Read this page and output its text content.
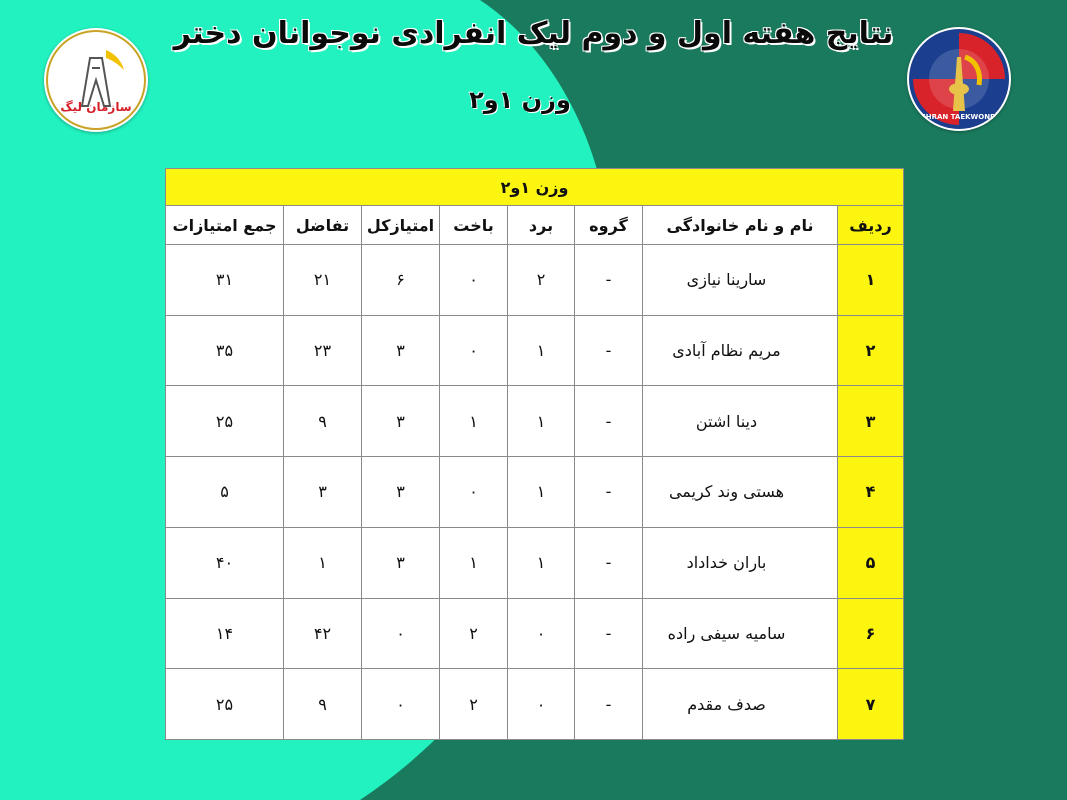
سازمان لیگ
TEHRAN TAEKWONDO
نتایج هفته اول و دوم لیک انفرادی نوجوانان دختر
وزن ۱و۲
وزن ۱و۲							
ردیف	نام و نام خانوادگی	گروه	برد	باخت	امتیازکل	تفاضل	جمع امتیازات
۱	سارینا نیازی	-	۲	۰	۶	۲۱	۳۱
۲	مریم نظام آبادی	-	۱	۰	۳	۲۳	۳۵
۳	دینا اشتن	-	۱	۱	۳	۹	۲۵
۴	هستی وند کریمی	-	۱	۰	۳	۳	۵
۵	باران خداداد	-	۱	۱	۳	۱	۴۰
۶	سامیه سیفی راده	-	۰	۲	۰	۴۲	۱۴
۷	صدف مقدم	-	۰	۲	۰	۹	۲۵
